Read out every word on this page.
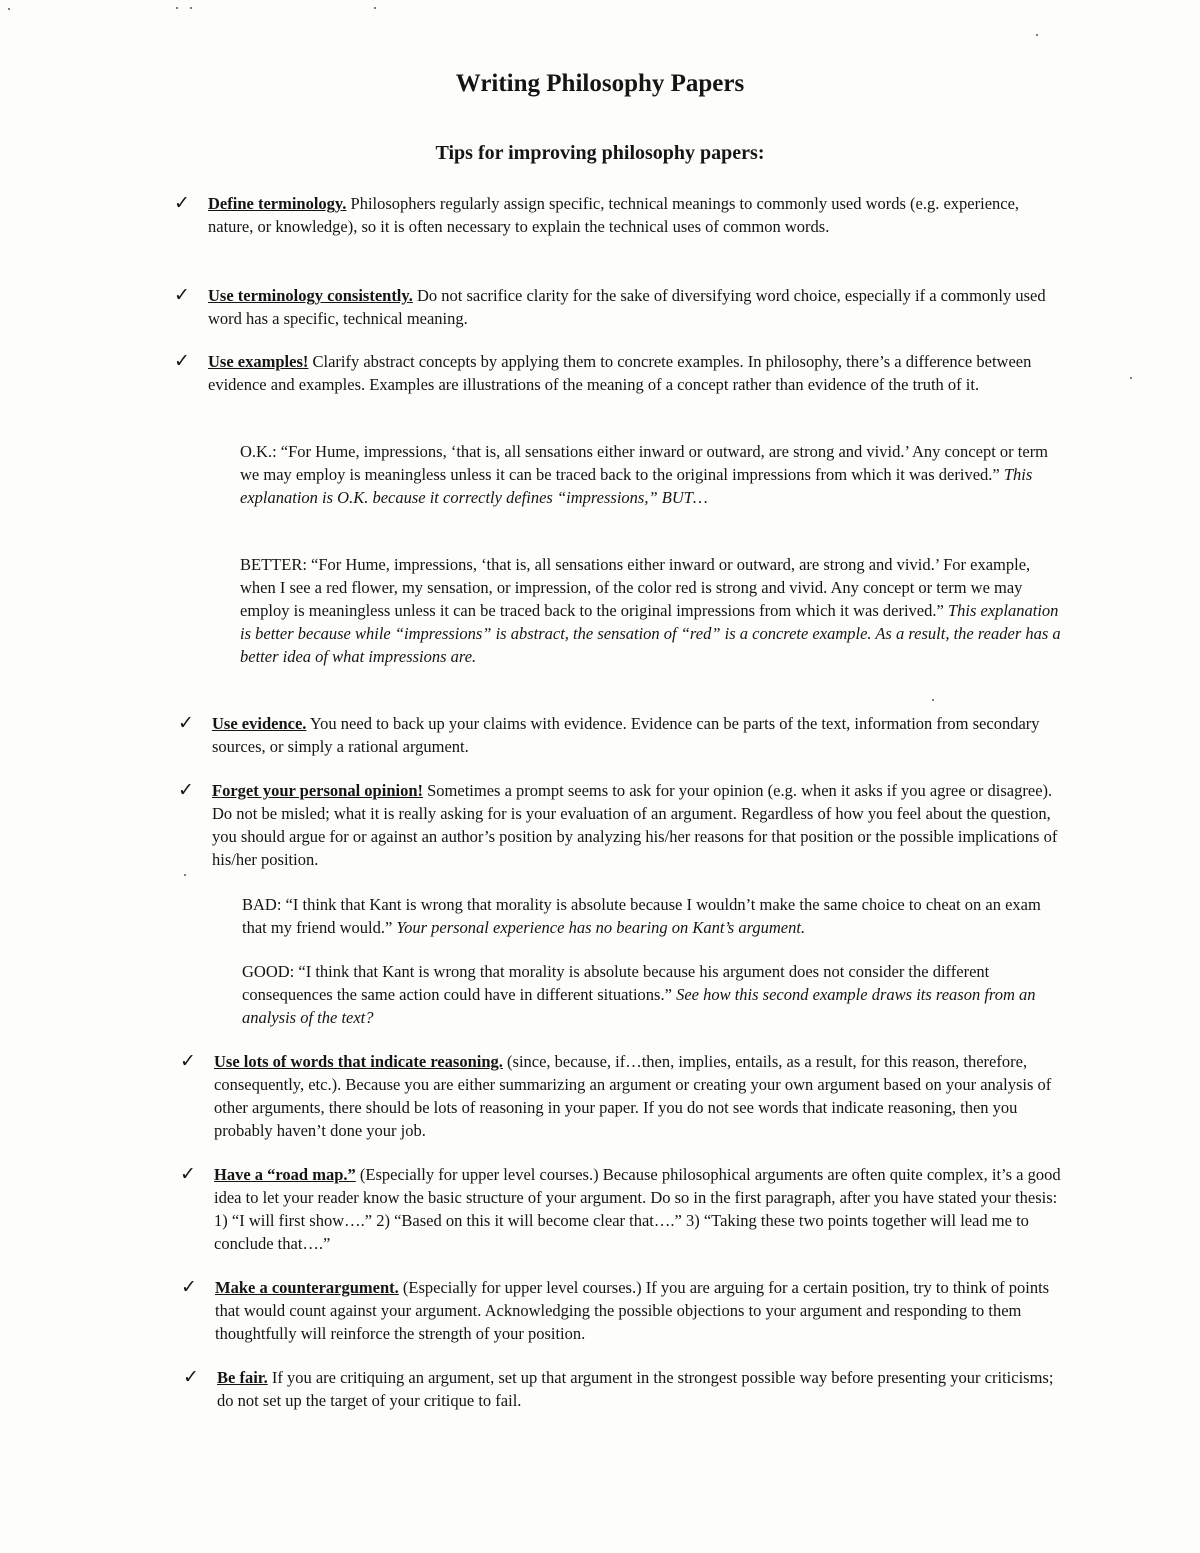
Writing Philosophy Papers
Tips for improving philosophy papers:
✓ Define terminology. Philosophers regularly assign specific, technical meanings to commonly used words (e.g. experience, nature, or knowledge), so it is often necessary to explain the technical uses of common words.

✓ Use terminology consistently. Do not sacrifice clarity for the sake of diversifying word choice, especially if a commonly used word has a specific, technical meaning.

✓ Use examples! Clarify abstract concepts by applying them to concrete examples. In philosophy, there’s a difference between evidence and examples. Examples are illustrations of the meaning of a concept rather than evidence of the truth of it.

O.K.: “For Hume, impressions, ‘that is, all sensations either inward or outward, are strong and vivid.’ Any concept or term we may employ is meaningless unless it can be traced back to the original impressions from which it was derived.” This explanation is O.K. because it correctly defines “impressions,” BUT…

BETTER: “For Hume, impressions, ‘that is, all sensations either inward or outward, are strong and vivid.’ For example, when I see a red flower, my sensation, or impression, of the color red is strong and vivid. Any concept or term we may employ is meaningless unless it can be traced back to the original impressions from which it was derived.” This explanation is better because while “impressions” is abstract, the sensation of “red” is a concrete example. As a result, the reader has a better idea of what impressions are.

✓ Use evidence. You need to back up your claims with evidence. Evidence can be parts of the text, information from secondary sources, or simply a rational argument.

✓ Forget your personal opinion! Sometimes a prompt seems to ask for your opinion (e.g. when it asks if you agree or disagree). Do not be misled; what it is really asking for is your evaluation of an argument. Regardless of how you feel about the question, you should argue for or against an author’s position by analyzing his/her reasons for that position or the possible implications of his/her position.

BAD: “I think that Kant is wrong that morality is absolute because I wouldn’t make the same choice to cheat on an exam that my friend would.” Your personal experience has no bearing on Kant’s argument.

GOOD: “I think that Kant is wrong that morality is absolute because his argument does not consider the different consequences the same action could have in different situations.” See how this second example draws its reason from an analysis of the text?

✓ Use lots of words that indicate reasoning. (since, because, if…then, implies, entails, as a result, for this reason, therefore, consequently, etc.). Because you are either summarizing an argument or creating your own argument based on your analysis of other arguments, there should be lots of reasoning in your paper. If you do not see words that indicate reasoning, then you probably haven’t done your job.

✓ Have a “road map.” (Especially for upper level courses.) Because philosophical arguments are often quite complex, it’s a good idea to let your reader know the basic structure of your argument. Do so in the first paragraph, after you have stated your thesis: 1) “I will first show….” 2) “Based on this it will become clear that….” 3) “Taking these two points together will lead me to conclude that….”

✓ Make a counterargument. (Especially for upper level courses.) If you are arguing for a certain position, try to think of points that would count against your argument. Acknowledging the possible objections to your argument and responding to them thoughtfully will reinforce the strength of your position.

✓ Be fair. If you are critiquing an argument, set up that argument in the strongest possible way before presenting your criticisms; do not set up the target of your critique to fail.
